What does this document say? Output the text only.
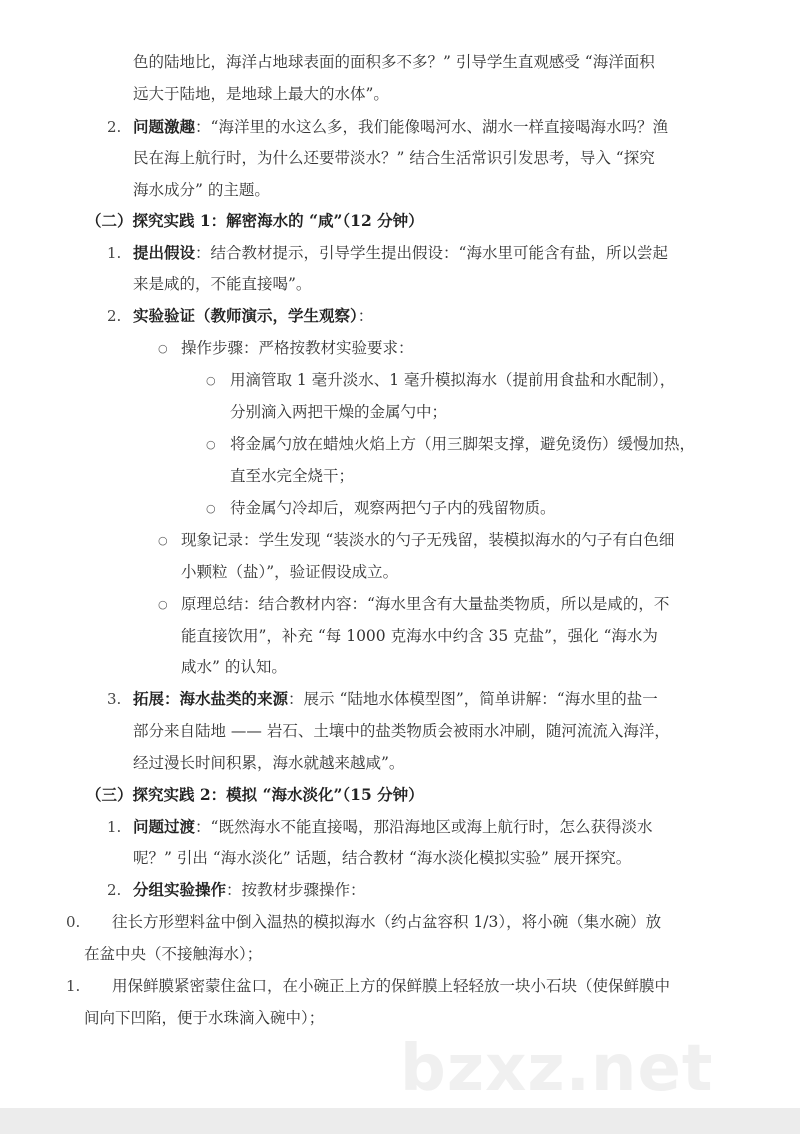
色的陆地比，海洋占地球表面的面积多不多？” 引导学生直观感受 “海洋面积
远大于陆地，是地球上最大的水体”。
2. 问题激趣：“海洋里的水这么多，我们能像喝河水、湖水一样直接喝海水吗？渔
民在海上航行时，为什么还要带淡水？” 结合生活常识引发思考，导入 “探究
海水成分” 的主题。
（二）探究实践 1：解密海水的 “咸”（12 分钟）
1. 提出假设：结合教材提示，引导学生提出假设：“海水里可能含有盐，所以尝起
来是咸的，不能直接喝”。
2. 实验验证（教师演示，学生观察）：
○ 操作步骤：严格按教材实验要求：
○ 用滴管取 1 毫升淡水、1 毫升模拟海水（提前用食盐和水配制），
分别滴入两把干燥的金属勺中；
○ 将金属勺放在蜡烛火焰上方（用三脚架支撑，避免烫伤）缓慢加热，
直至水完全烧干；
○ 待金属勺冷却后，观察两把勺子内的残留物质。
○ 现象记录：学生发现 “装淡水的勺子无残留，装模拟海水的勺子有白色细
小颗粒（盐）”，验证假设成立。
○ 原理总结：结合教材内容：“海水里含有大量盐类物质，所以是咸的，不
能直接饮用”，补充 “每 1000 克海水中约含 35 克盐”，强化 “海水为
咸水” 的认知。
3. 拓展：海水盐类的来源：展示 “陆地水体模型图”，简单讲解：“海水里的盐一
部分来自陆地 —— 岩石、土壤中的盐类物质会被雨水冲刷，随河流流入海洋，
经过漫长时间积累，海水就越来越咸”。
（三）探究实践 2：模拟 “海水淡化”（15 分钟）
1. 问题过渡：“既然海水不能直接喝，那沿海地区或海上航行时，怎么获得淡水
呢？” 引出 “海水淡化” 话题，结合教材 “海水淡化模拟实验” 展开探究。
2. 分组实验操作：按教材步骤操作：
0. 往长方形塑料盆中倒入温热的模拟海水（约占盆容积 1/3），将小碗（集水碗）放
在盆中央（不接触海水）；
1. 用保鲜膜紧密蒙住盆口，在小碗正上方的保鲜膜上轻轻放一块小石块（使保鲜膜中
间向下凹陷，便于水珠滴入碗中）；
bzxz.net
